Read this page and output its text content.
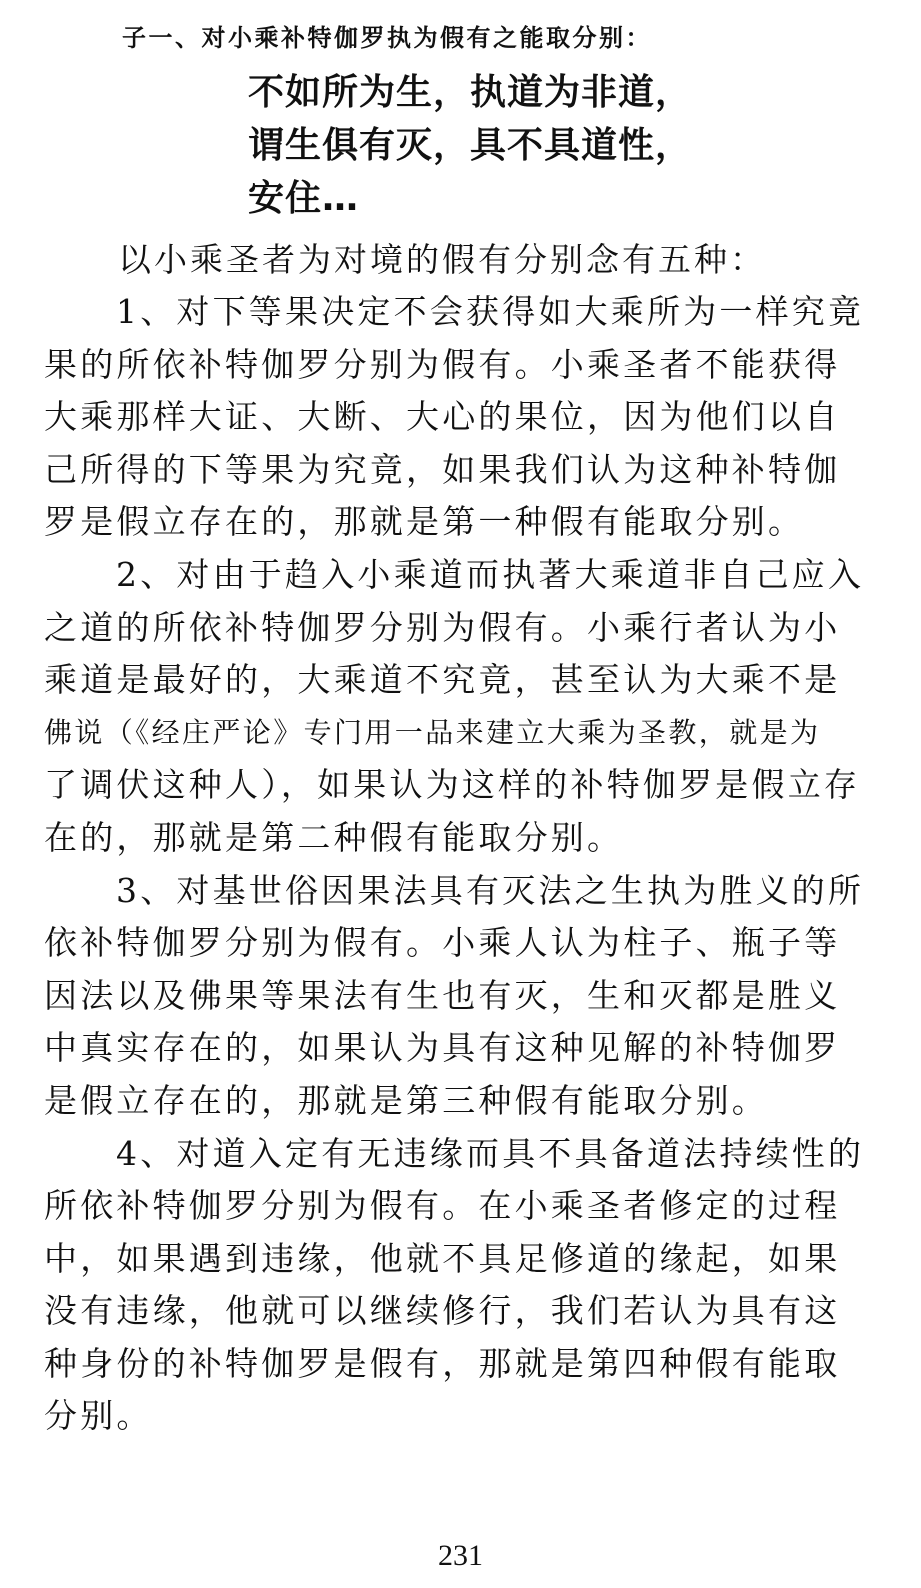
子一、对小乘补特伽罗执为假有之能取分别：
不如所为生，执道为非道，
谓生俱有灭，具不具道性，
安住…
以小乘圣者为对境的假有分别念有五种：
1、对下等果决定不会获得如大乘所为一样究竟
果的所依补特伽罗分别为假有。小乘圣者不能获得
大乘那样大证、大断、大心的果位，因为他们以自
己所得的下等果为究竟，如果我们认为这种补特伽
罗是假立存在的，那就是第一种假有能取分别。
2、对由于趋入小乘道而执著大乘道非自己应入
之道的所依补特伽罗分别为假有。小乘行者认为小
乘道是最好的，大乘道不究竟，甚至认为大乘不是
佛说（《经庄严论》专门用一品来建立大乘为圣教，就是为
了调伏这种人），如果认为这样的补特伽罗是假立存
在的，那就是第二种假有能取分别。
3、对基世俗因果法具有灭法之生执为胜义的所
依补特伽罗分别为假有。小乘人认为柱子、瓶子等
因法以及佛果等果法有生也有灭，生和灭都是胜义
中真实存在的，如果认为具有这种见解的补特伽罗
是假立存在的，那就是第三种假有能取分别。
4、对道入定有无违缘而具不具备道法持续性的
所依补特伽罗分别为假有。在小乘圣者修定的过程
中，如果遇到违缘，他就不具足修道的缘起，如果
没有违缘，他就可以继续修行，我们若认为具有这
种身份的补特伽罗是假有，那就是第四种假有能取
分别。
231
